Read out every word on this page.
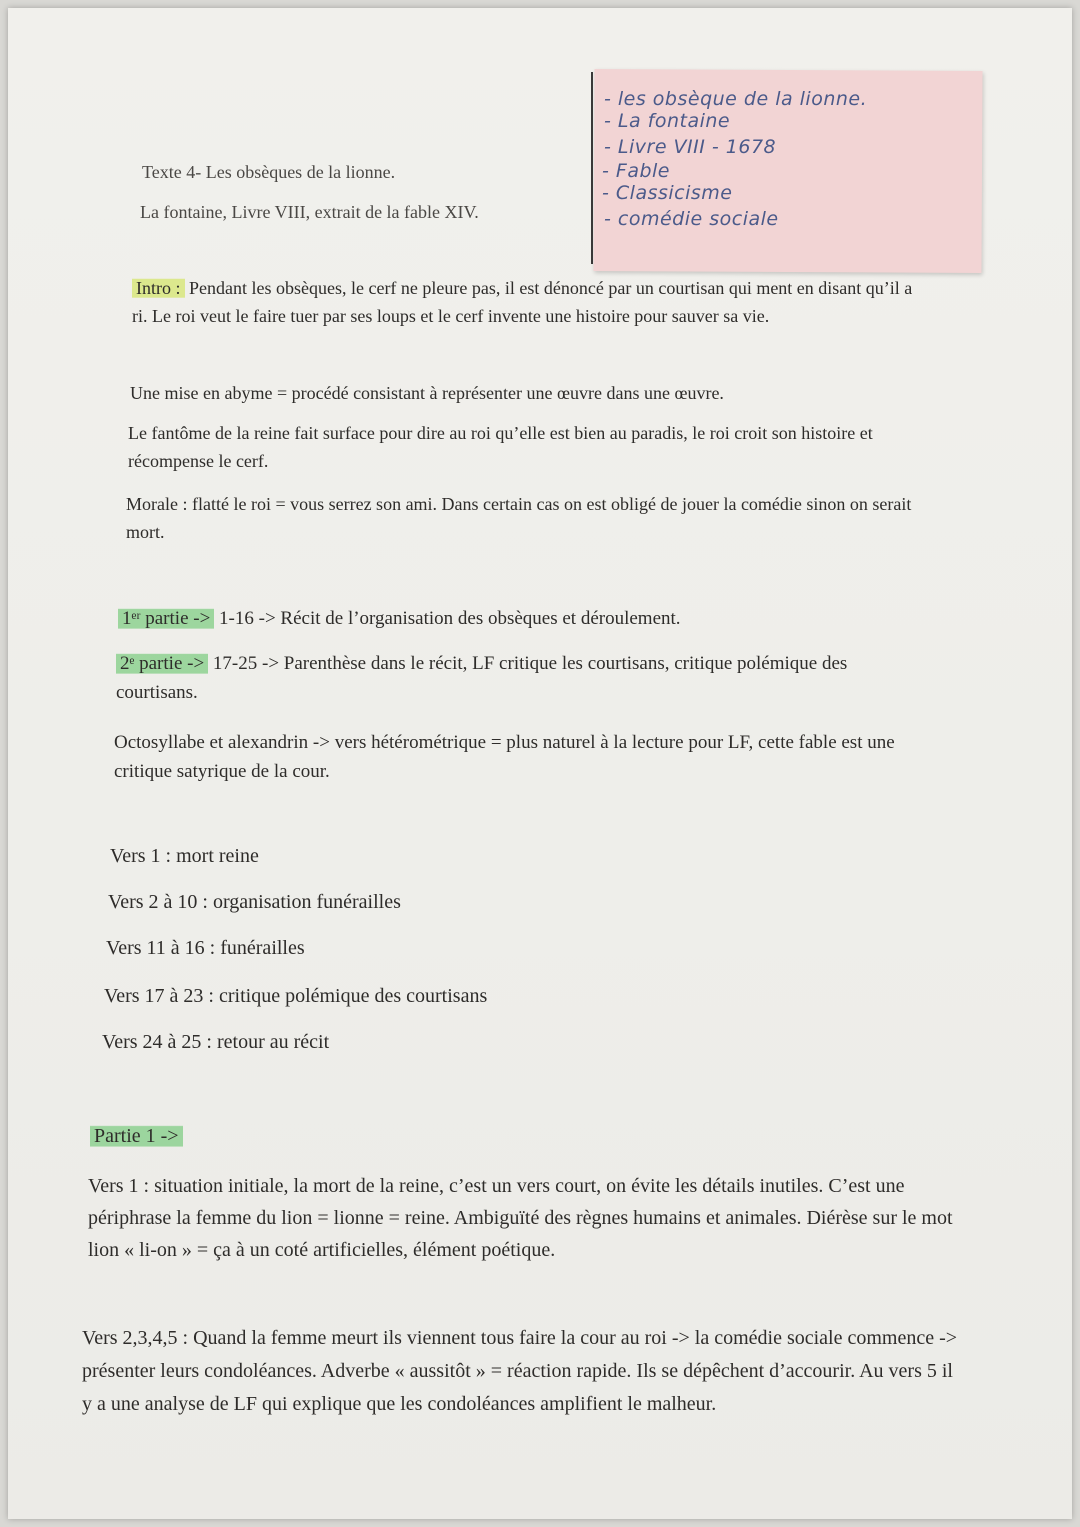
Texte 4- Les obsèques de la lionne.
La fontaine, Livre VIII, extrait de la fable XIV.
- les obsèque de la lionne.
- La fontaine
- Livre VIII - 1678
- Fable
- Classicisme
- comédie sociale
Intro : Pendant les obsèques, le cerf ne pleure pas, il est dénoncé par un courtisan qui ment en disant qu’il a ri. Le roi veut le faire tuer par ses loups et le cerf invente une histoire pour sauver sa vie.
Une mise en abyme = procédé consistant à représenter une œuvre dans une œuvre.
Le fantôme de la reine fait surface pour dire au roi qu’elle est bien au paradis, le roi croit son histoire et récompense le cerf.
Morale : flatté le roi = vous serrez son ami. Dans certain cas on est obligé de jouer la comédie sinon on serait mort.
1ᵉʳ partie -> 1-16 -> Récit de l’organisation des obsèques et déroulement.
2ᵉ partie -> 17-25 -> Parenthèse dans le récit, LF critique les courtisans, critique polémique des courtisans.
Octosyllabe et alexandrin -> vers hétérométrique = plus naturel à la lecture pour LF, cette fable est une critique satyrique de la cour.
Vers 1 : mort reine
Vers 2 à 10 : organisation funérailles
Vers 11 à 16 : funérailles
Vers 17 à 23 : critique polémique des courtisans
Vers 24 à 25 : retour au récit
Partie 1 ->
Vers 1 : situation initiale, la mort de la reine, c’est un vers court, on évite les détails inutiles. C’est une périphrase la femme du lion = lionne = reine. Ambiguïté des règnes humains et animales. Diérèse sur le mot lion « li-on » = ça à un coté artificielles, élément poétique.
Vers 2,3,4,5 : Quand la femme meurt ils viennent tous faire la cour au roi -> la comédie sociale commence -> présenter leurs condoléances. Adverbe « aussitôt » = réaction rapide. Ils se dépêchent d’accourir. Au vers 5 il y a une analyse de LF qui explique que les condoléances amplifient le malheur.
